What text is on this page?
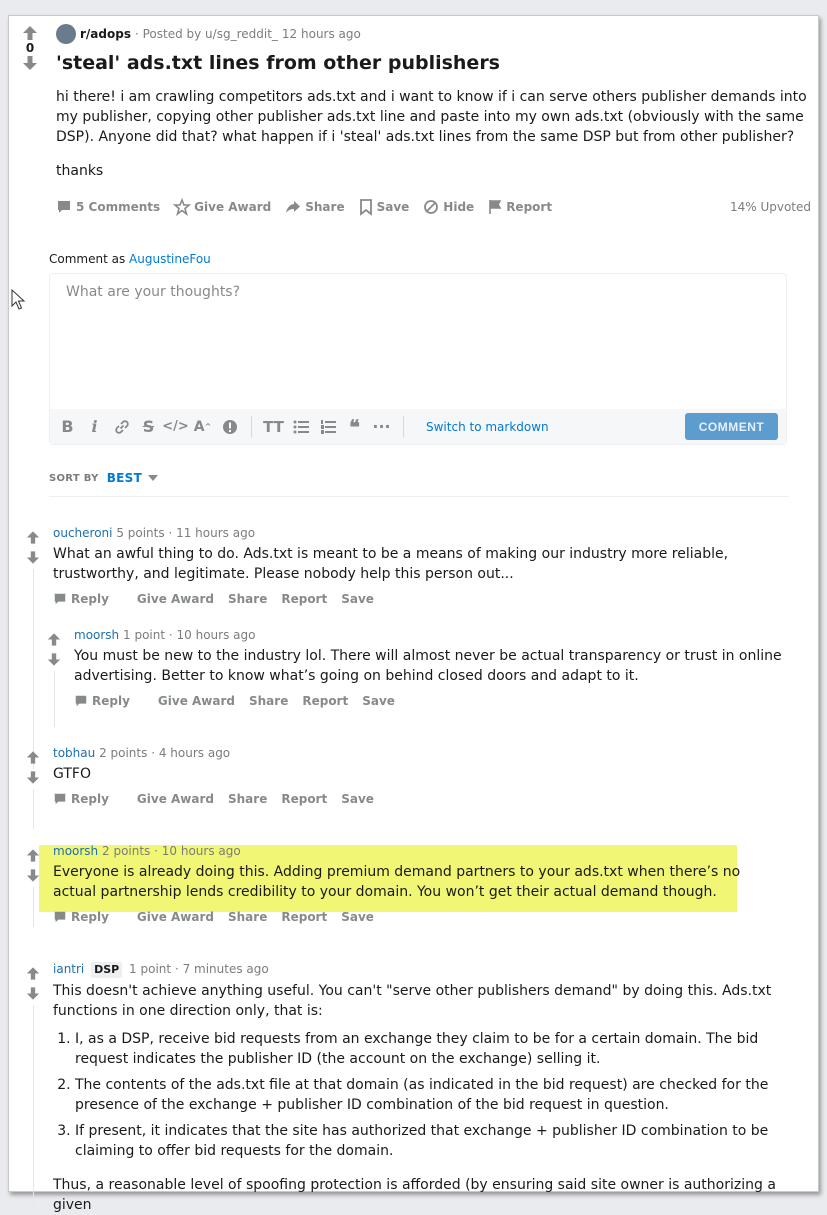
0
r/adops · Posted by u/sg_reddit_ 12 hours ago
'steal' ads.txt lines from other publishers

hi there! i am crawling competitors ads.txt and i want to know if i can serve others publisher demands into my publisher, copying other publisher ads.txt line and paste into my own ads.txt (obviously with the same DSP). Anyone did that? what happen if i 'steal' ads.txt lines from the same DSP but from other publisher?

thanks

5 Comments	Give Award	Share	Save	Hide	Report	14% Upvoted
Comment as AugustineFou
What are your thoughts?
B	i	S </> A ^	TT	❝ ···	Switch to markdown	COMMENT
SORT BY BEST
oucheroni 5 points · 11 hours ago
What an awful thing to do. Ads.txt is meant to be a means of making our industry more reliable, trustworthy, and legitimate. Please nobody help this person out...
Reply Give Award Share Report Save
moorsh 1 point · 10 hours ago
You must be new to the industry lol. There will almost never be actual transparency or trust in online advertising. Better to know what’s going on behind closed doors and adapt to it.
Reply Give Award Share Report Save
tobhau 2 points · 4 hours ago
GTFO
Reply Give Award Share Report Save
moorsh 2 points · 10 hours ago
Everyone is already doing this. Adding premium demand partners to your ads.txt when there’s no actual partnership lends credibility to your domain. You won’t get their actual demand though.
Reply Give Award Share Report Save
iantri DSP 1 point · 7 minutes ago
This doesn't achieve anything useful. You can't "serve other publishers demand" by doing this. Ads.txt functions in one direction only, that is:
1. I, as a DSP, receive bid requests from an exchange they claim to be for a certain domain. The bid request indicates the publisher ID (the account on the exchange) selling it.
2. The contents of the ads.txt file at that domain (as indicated in the bid request) are checked for the presence of the exchange + publisher ID combination of the bid request in question.
3. If present, it indicates that the site has authorized that exchange + publisher ID combination to be claiming to offer bid requests for the domain.
Thus, a reasonable level of spoofing protection is afforded (by ensuring said site owner is authorizing a given
